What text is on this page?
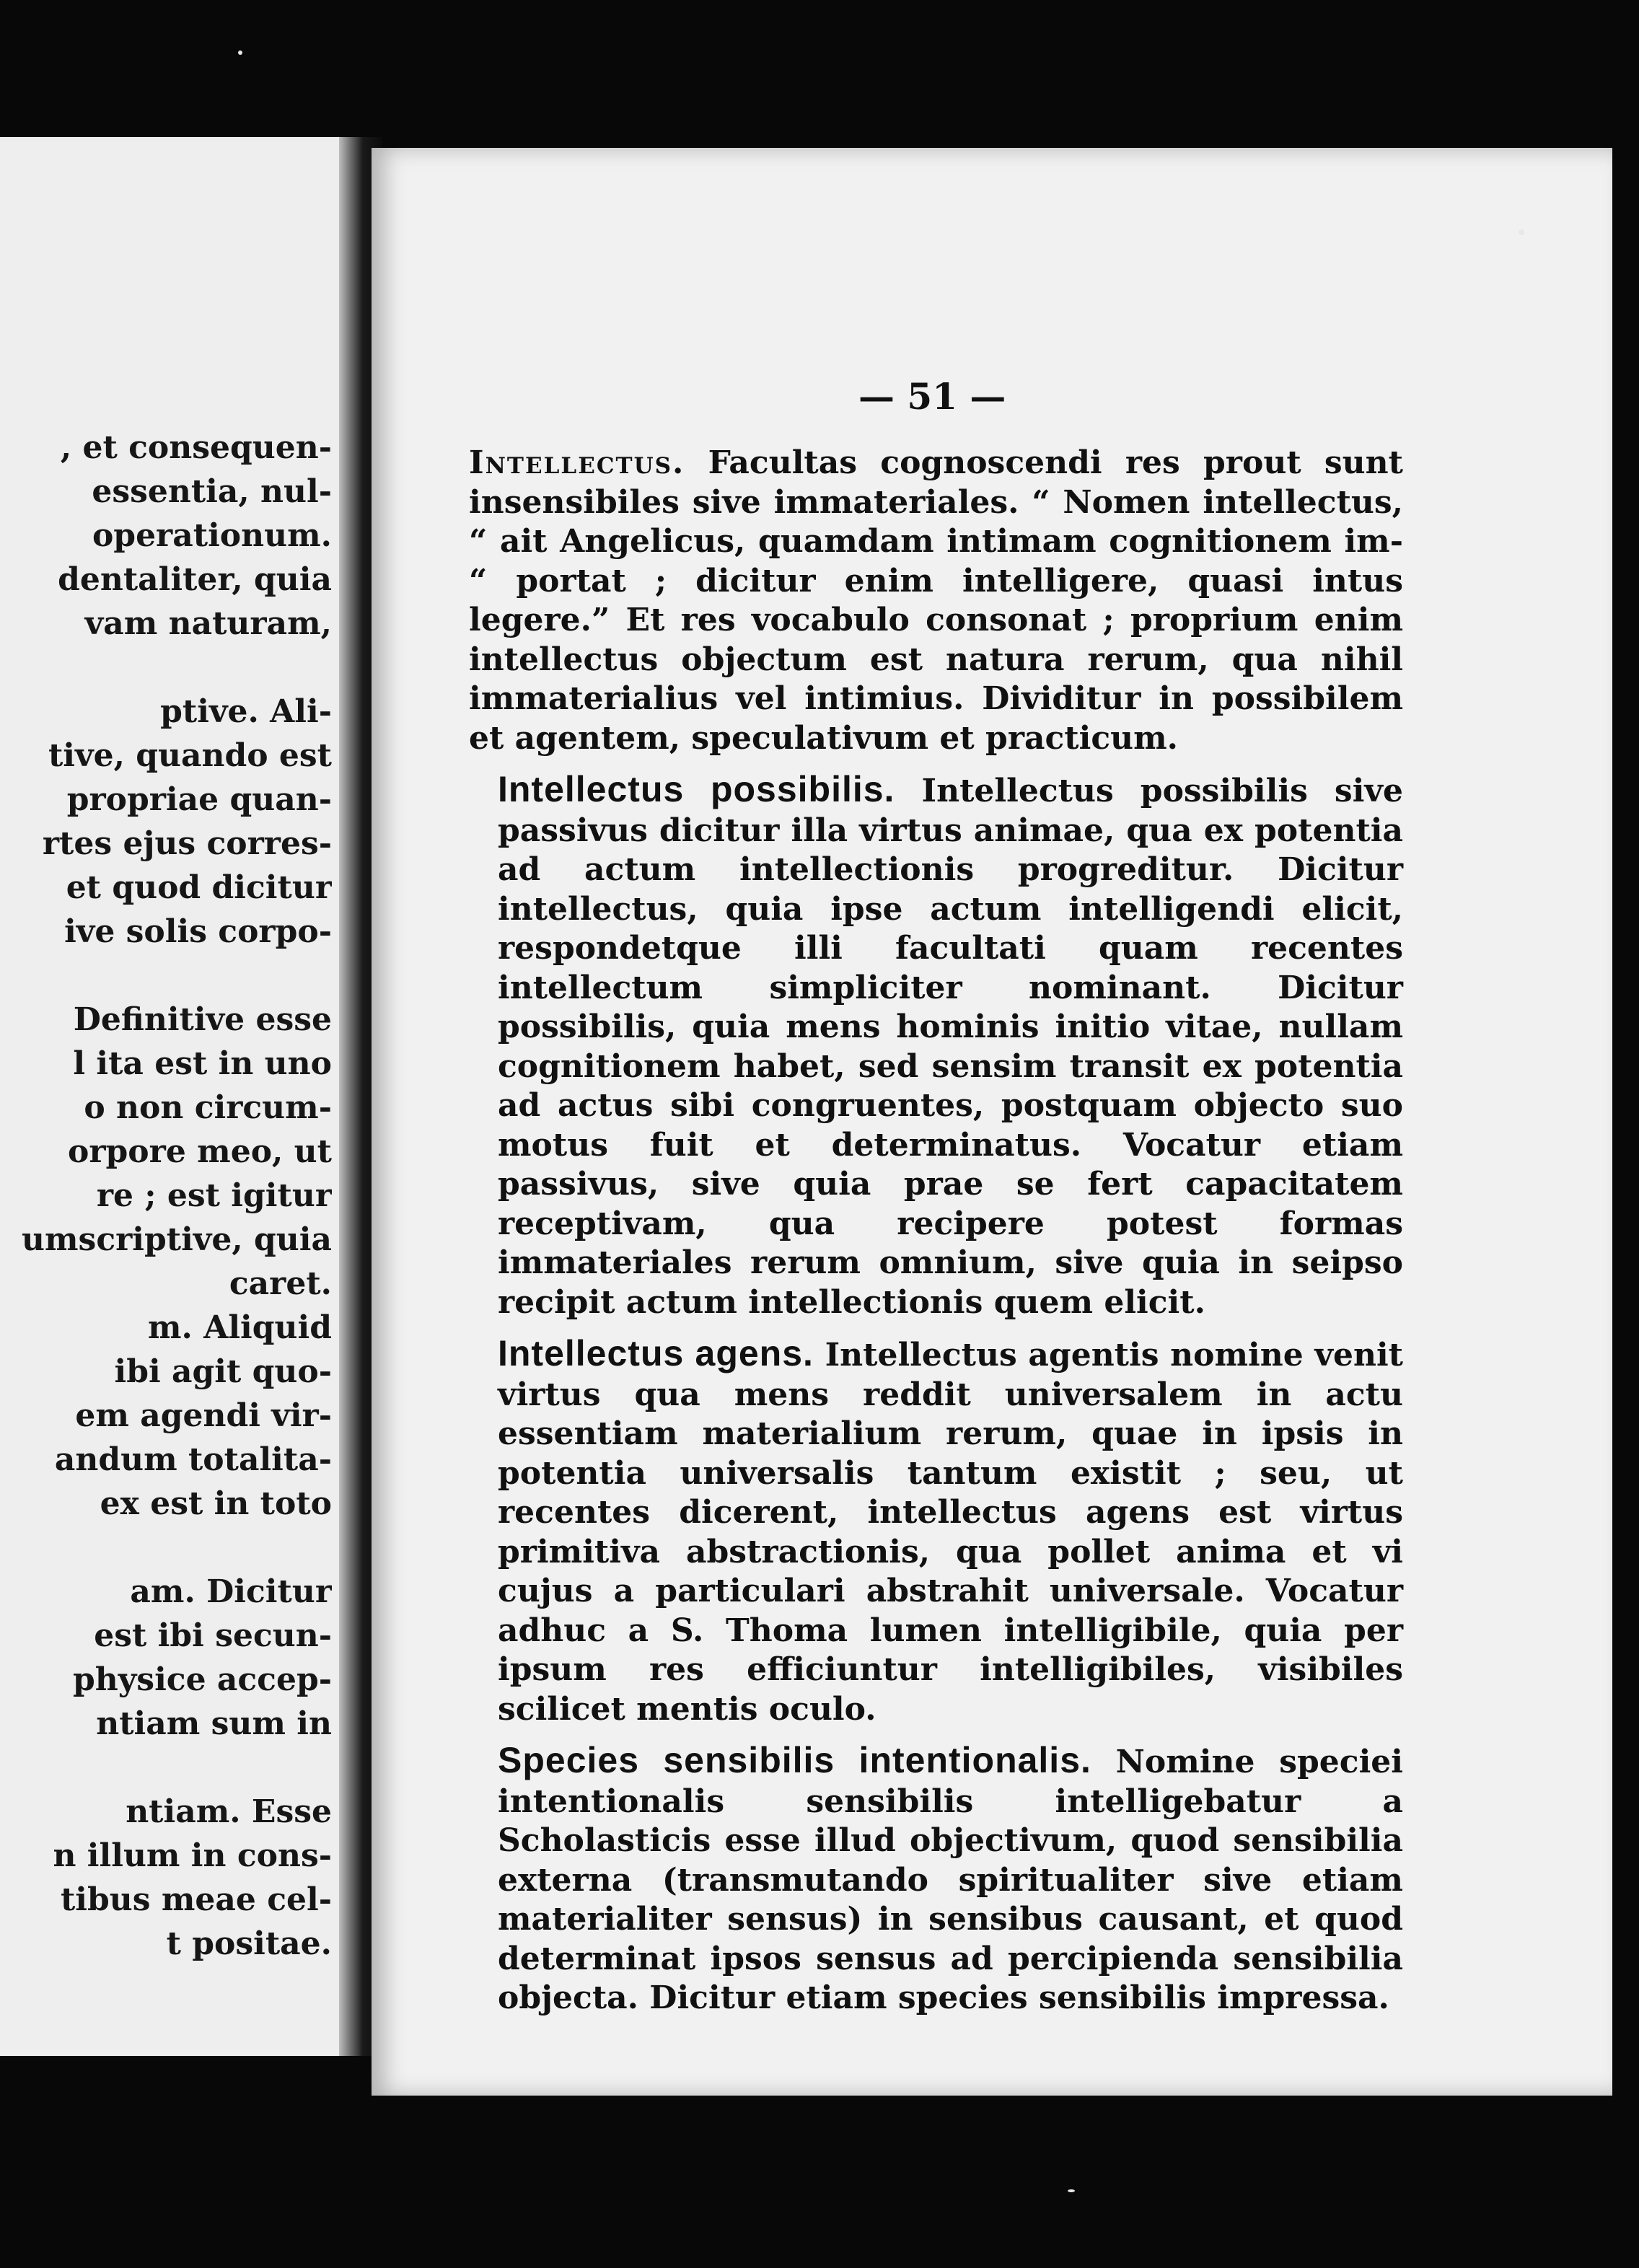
, et consequen-
essentia, nul-
operationum.
dentaliter, quia
vam naturam,
ptive. Ali-
tive, quando est
propriae quan-
rtes ejus corres-
et quod dicitur
ive solis corpo-
Definitive esse
l ita est in uno
o non circum-
orpore meo, ut
re ; est igitur
umscriptive, quia
caret.
m. Aliquid
ibi agit quo-
em agendi vir-
andum totalita-
ex est in toto
am. Dicitur
est ibi secun-
physice accep-
ntiam sum in
ntiam. Esse
n illum in cons-
tibus meae cel-
t positae.
— 51 —

Intellectus. Facultas cognoscendi res prout sunt insensibiles sive immateriales. “ Nomen intellectus, “ ait Angelicus, quamdam intimam cognitionem im- “ portat ; dicitur enim intelligere, quasi intus legere.” Et res vocabulo consonat ; proprium enim intellectus objectum est natura rerum, qua nihil immaterialius vel intimius. Dividitur in possibilem et agentem, speculativum et practicum.

Intellectus possibilis. Intellectus possibilis sive passivus dicitur illa virtus animae, qua ex potentia ad actum intellectionis progreditur. Dicitur intellectus, quia ipse actum intelligendi elicit, respondetque illi facultati quam recentes intellectum simpliciter nominant. Dicitur possibilis, quia mens hominis initio vitae, nullam cognitionem habet, sed sensim transit ex potentia ad actus sibi congruentes, postquam objecto suo motus fuit et determinatus. Vocatur etiam passivus, sive quia prae se fert capacitatem receptivam, qua recipere potest formas immateriales rerum omnium, sive quia in seipso recipit actum intellectionis quem elicit.

Intellectus agens. Intellectus agentis nomine venit virtus qua mens reddit universalem in actu essentiam materialium rerum, quae in ipsis in potentia universalis tantum existit ; seu, ut recentes dicerent, intellectus agens est virtus primitiva abstractionis, qua pollet anima et vi cujus a particulari abstrahit universale. Vocatur adhuc a S. Thoma lumen intelligibile, quia per ipsum res efficiuntur intelligibiles, visibiles scilicet mentis oculo.

Species sensibilis intentionalis. Nomine speciei intentionalis sensibilis intelligebatur a Scholasticis esse illud objectivum, quod sensibilia externa (transmutando spiritualiter sive etiam materialiter sensus) in sensibus causant, et quod determinat ipsos sensus ad percipienda sensibilia objecta. Dicitur etiam species sensibilis impressa.
